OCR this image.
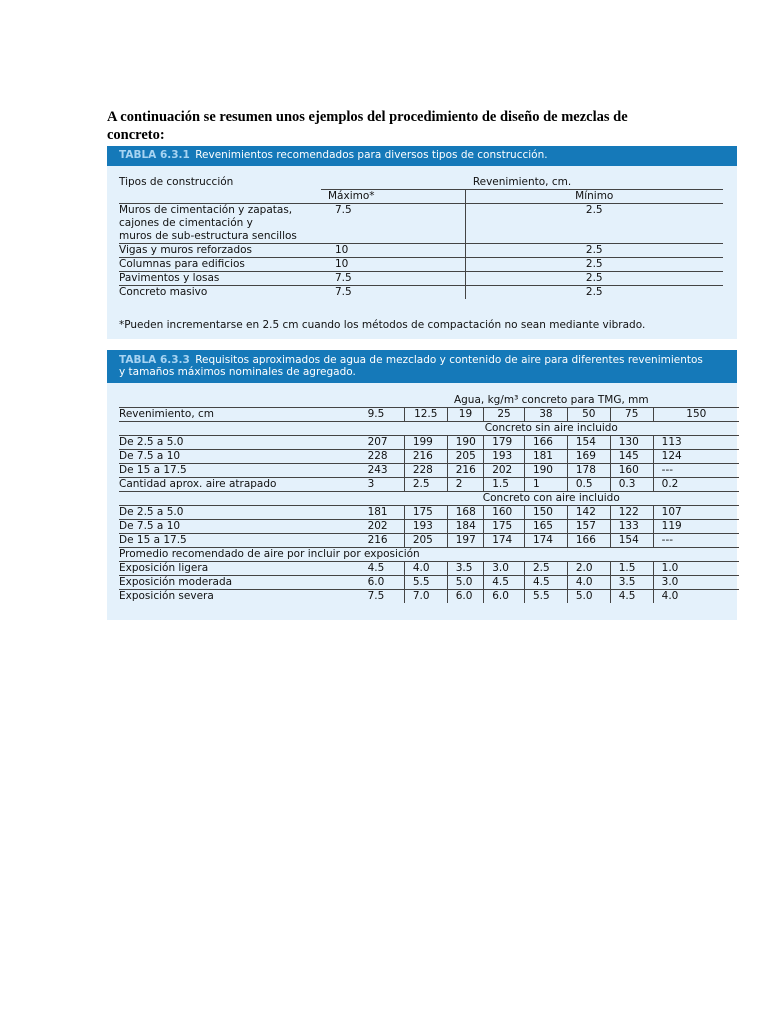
A continuación se resumen unos ejemplos del procedimiento de diseño de mezclas de concreto:

TABLA 6.3.1 Revenimientos recomendados para diversos tipos de construcción.
Tipos de construcción	Revenimiento, cm.	
	Máximo*	Mínimo
Muros de cimentación y zapatas,	7.5	2.5
cajones de cimentación y		
muros de sub-estructura sencillos		
Vigas y muros reforzados	10	2.5
Columnas para edificios	10	2.5
Pavimentos y losas	7.5	2.5
Concreto masivo	7.5	2.5
*Pueden incrementarse en 2.5 cm cuando los métodos de compactación no sean mediante vibrado.
TABLA 6.3.3 Requisitos aproximados de agua de mezclado y contenido de aire para diferentes revenimientos
y tamaños máximos nominales de agregado.
	Agua, kg/m³ concreto para TMG, mm							
Revenimiento, cm	9.5	12.5	19	25	38	50	75	150
	Concreto sin aire incluido							
De 2.5 a 5.0	207	199	190	179	166	154	130	113
De 7.5 a 10	228	216	205	193	181	169	145	124
De 15 a 17.5	243	228	216	202	190	178	160	---
Cantidad aprox. aire atrapado	3	2.5	2	1.5	1	0.5	0.3	0.2
	Concreto con aire incluido							
De 2.5 a 5.0	181	175	168	160	150	142	122	107
De 7.5 a 10	202	193	184	175	165	157	133	119
De 15 a 17.5	216	205	197	174	174	166	154	---
Promedio recomendado de aire por incluir por exposición								
Exposición ligera	4.5	4.0	3.5	3.0	2.5	2.0	1.5	1.0
Exposición moderada	6.0	5.5	5.0	4.5	4.5	4.0	3.5	3.0
Exposición severa	7.5	7.0	6.0	6.0	5.5	5.0	4.5	4.0
